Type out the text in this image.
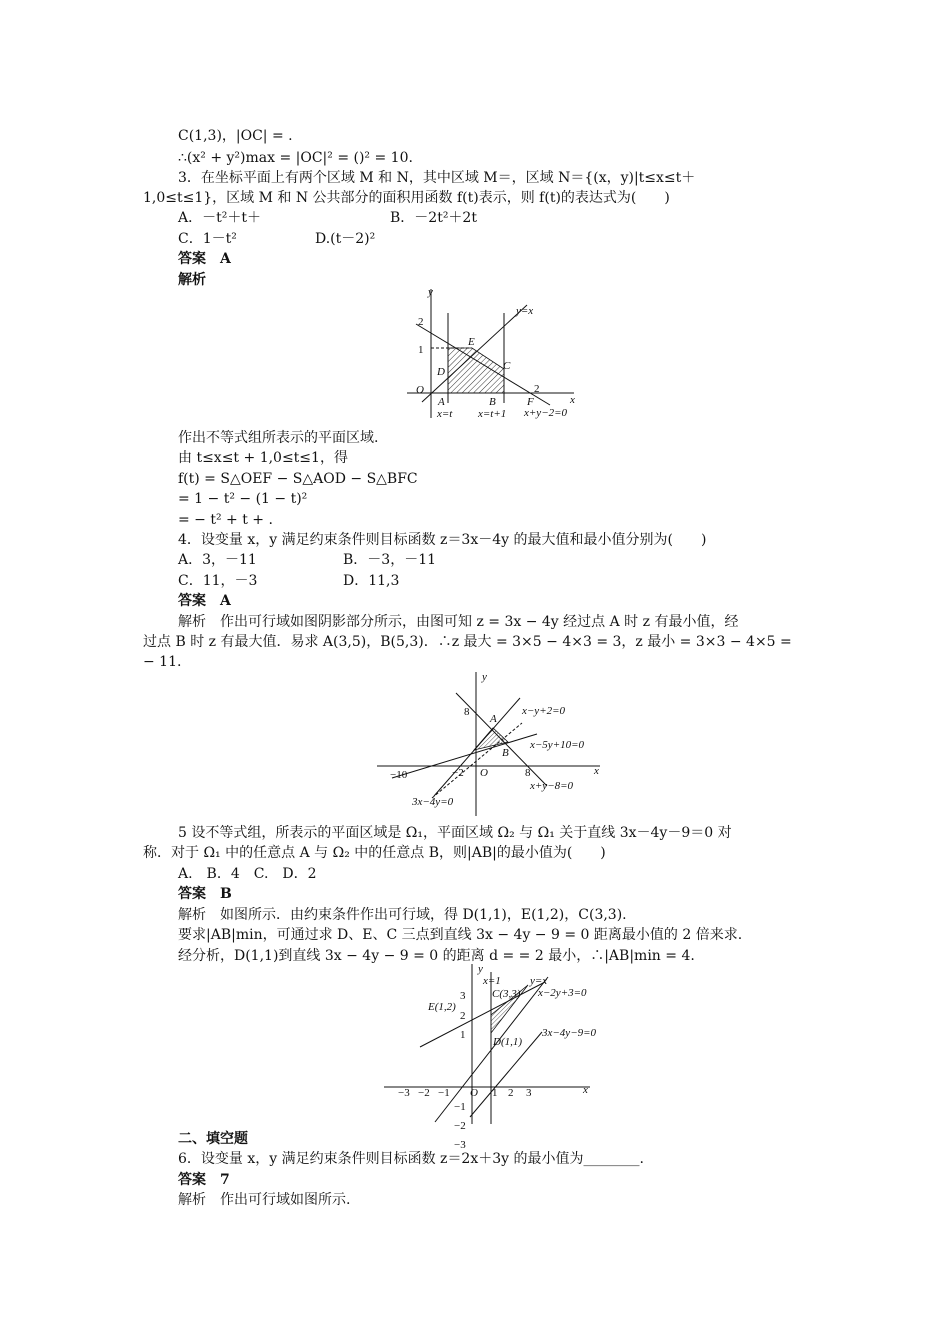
C(1,3)，|OC| = .
∴(x² + y²)max = |OC|² = ()² = 10.
3．在坐标平面上有两个区域 M 和 N，其中区域 M＝，区域 N＝{(x，y)|t≤x≤t＋
1,0≤t≤1}，区域 M 和 N 公共部分的面积用函数 f(t)表示，则 f(t)的表达式为(　　)
A．－t²＋t＋	B．－2t²＋2t
C．1－t²	D.(t－2)²
答案　A
解析
y
x
2
1
O	2
E
D	C
A	B	F
y=x
x=t x=t+1 x+y−2=0
作出不等式组所表示的平面区域.
由 t≤x≤t + 1,0≤t≤1，得
f(t) = S△OEF − S△AOD − S△BFC
= 1 − t² − (1 − t)²
= − t² + t + .
4．设变量 x，y 满足约束条件则目标函数 z＝3x－4y 的最大值和最小值分别为(　　)
A．3，－11	B．－3，－11
C．11，－3	D．11,3
答案　A
解析　作出可行域如图阴影部分所示，由图可知 z = 3x − 4y 经过点 A 时 z 有最小值，经
过点 B 时 z 有最大值．易求 A(3,5)，B(5,3)．∴z 最大 = 3×5 − 4×3 = 3，z 最小 = 3×3 − 4×5 =
− 11.
y
x
O
8
−10	−2	8
A
B
x−y+2=0
x−5y+10=0
x+y−8=0
3x−4y=0
5 设不等式组，所表示的平面区域是 Ω₁，平面区域 Ω₂ 与 Ω₁ 关于直线 3x－4y－9＝0 对
称．对于 Ω₁ 中的任意点 A 与 Ω₂ 中的任意点 B，则|AB|的最小值为(　　)
A.　B．4　C.　D．2
答案　B
解析　如图所示．由约束条件作出可行域，得 D(1,1)，E(1,2)，C(3,3).
要求|AB|min，可通过求 D、E、C 三点到直线 3x − 4y − 9 = 0 距离最小值的 2 倍来求.
经分析，D(1,1)到直线 3x − 4y − 9 = 0 的距离 d = = 2 最小，∴|AB|min = 4.
y
x
O
x=1	y=x
C(3,3)
E(1,2)
D(1,1)
x−2y+3=0
3x−4y−9=0
3
2
1
−1
−2
−3
−3 −2 −1	1 2 3
二、填空题
6．设变量 x，y 满足约束条件则目标函数 z＝2x＋3y 的最小值为________.
答案　7
解析　作出可行域如图所示.
